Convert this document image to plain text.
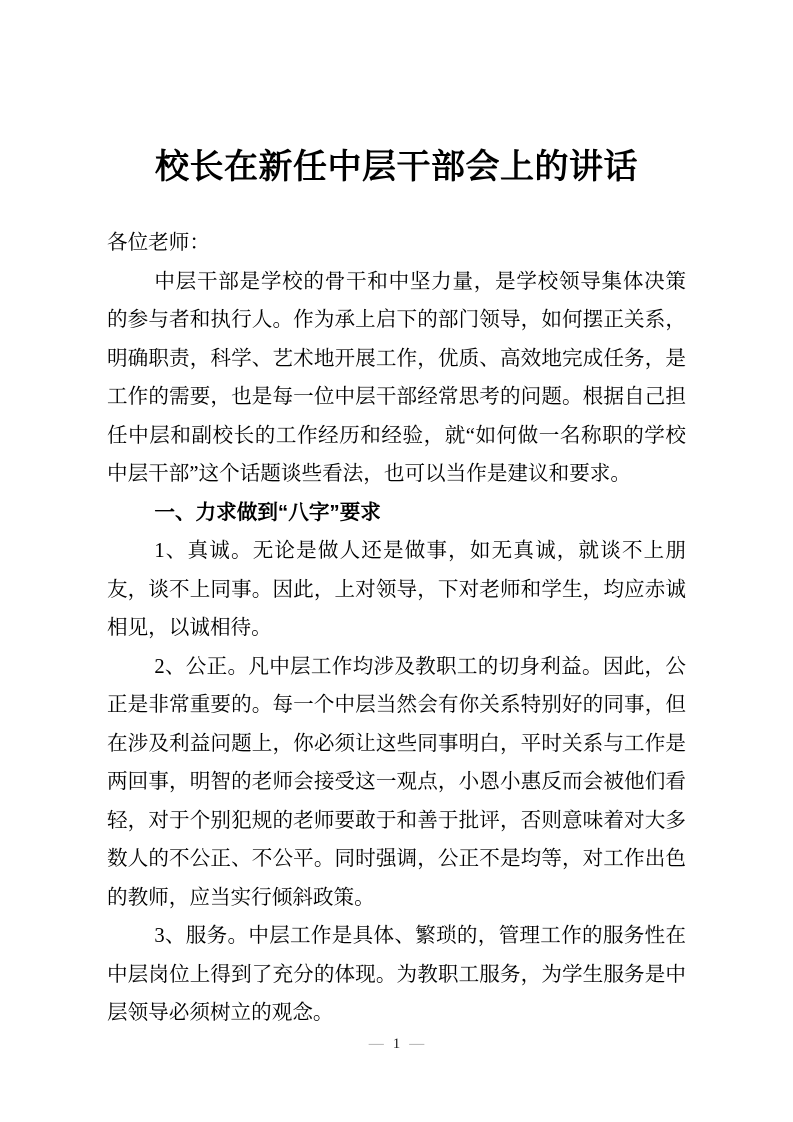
校长在新任中层干部会上的讲话

各位老师：

中层干部是学校的骨干和中坚力量，是学校领导集体决策的参与者和执行人。作为承上启下的部门领导，如何摆正关系，明确职责，科学、艺术地开展工作，优质、高效地完成任务，是工作的需要，也是每一位中层干部经常思考的问题。根据自己担任中层和副校长的工作经历和经验，就“如何做一名称职的学校中层干部”这个话题谈些看法，也可以当作是建议和要求。

一、力求做到“八字”要求

1、真诚。无论是做人还是做事，如无真诚，就谈不上朋友，谈不上同事。因此，上对领导，下对老师和学生，均应赤诚相见，以诚相待。

2、公正。凡中层工作均涉及教职工的切身利益。因此，公正是非常重要的。每一个中层当然会有你关系特别好的同事，但在涉及利益问题上，你必须让这些同事明白，平时关系与工作是两回事，明智的老师会接受这一观点，小恩小惠反而会被他们看轻，对于个别犯规的老师要敢于和善于批评，否则意味着对大多数人的不公正、不公平。同时强调，公正不是均等，对工作出色的教师，应当实行倾斜政策。

3、服务。中层工作是具体、繁琐的，管理工作的服务性在中层岗位上得到了充分的体现。为教职工服务，为学生服务是中层领导必须树立的观念。

— 1 —
